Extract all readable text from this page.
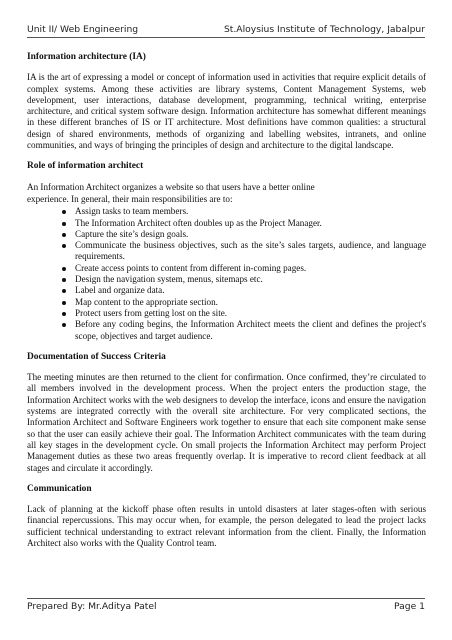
Unit II/ Web Engineering	St.Aloysius Institute of Technology, Jabalpur
Information architecture (IA)

IA is the art of expressing a model or concept of information used in activities that require explicit details of complex systems. Among these activities are library systems, Content Management Systems, web development, user interactions, database development, programming, technical writing, enterprise architecture, and critical system software design. Information architecture has somewhat different meanings in these different branches of IS or IT architecture. Most definitions have common qualities: a structural design of shared environments, methods of organizing and labelling websites, intranets, and online communities, and ways of bringing the principles of design and architecture to the digital landscape.

Role of information architect
An Information Architect organizes a website so that users have a better online
experience. In general, their main responsibilities are to:
Assign tasks to team members.
The Information Architect often doubles up as the Project Manager.
Capture the site’s design goals.
Communicate the business objectives, such as the site’s sales targets, audience, and language requirements.
Create access points to content from different in-coming pages.
Design the navigation system, menus, sitemaps etc.
Label and organize data.
Map content to the appropriate section.
Protect users from getting lost on the site.
Before any coding begins, the Information Architect meets the client and defines the project's scope, objectives and target audience.
Documentation of Success Criteria

The meeting minutes are then returned to the client for confirmation. Once confirmed, they’re circulated to all members involved in the development process. When the project enters the production stage, the Information Architect works with the web designers to develop the interface, icons and ensure the navigation systems are integrated correctly with the overall site architecture. For very complicated sections, the Information Architect and Software Engineers work together to ensure that each site component make sense so that the user can easily achieve their goal. The Information Architect communicates with the team during all key stages in the development cycle. On small projects the Information Architect may perform Project Management duties as these two areas frequently overlap. It is imperative to record client feedback at all stages and circulate it accordingly.

Communication

Lack of planning at the kickoff phase often results in untold disasters at later stages-often with serious financial repercussions. This may occur when, for example, the person delegated to lead the project lacks sufficient technical understanding to extract relevant information from the client. Finally, the Information Architect also works with the Quality Control team.

Prepared By: Mr.Aditya Patel	Page 1
